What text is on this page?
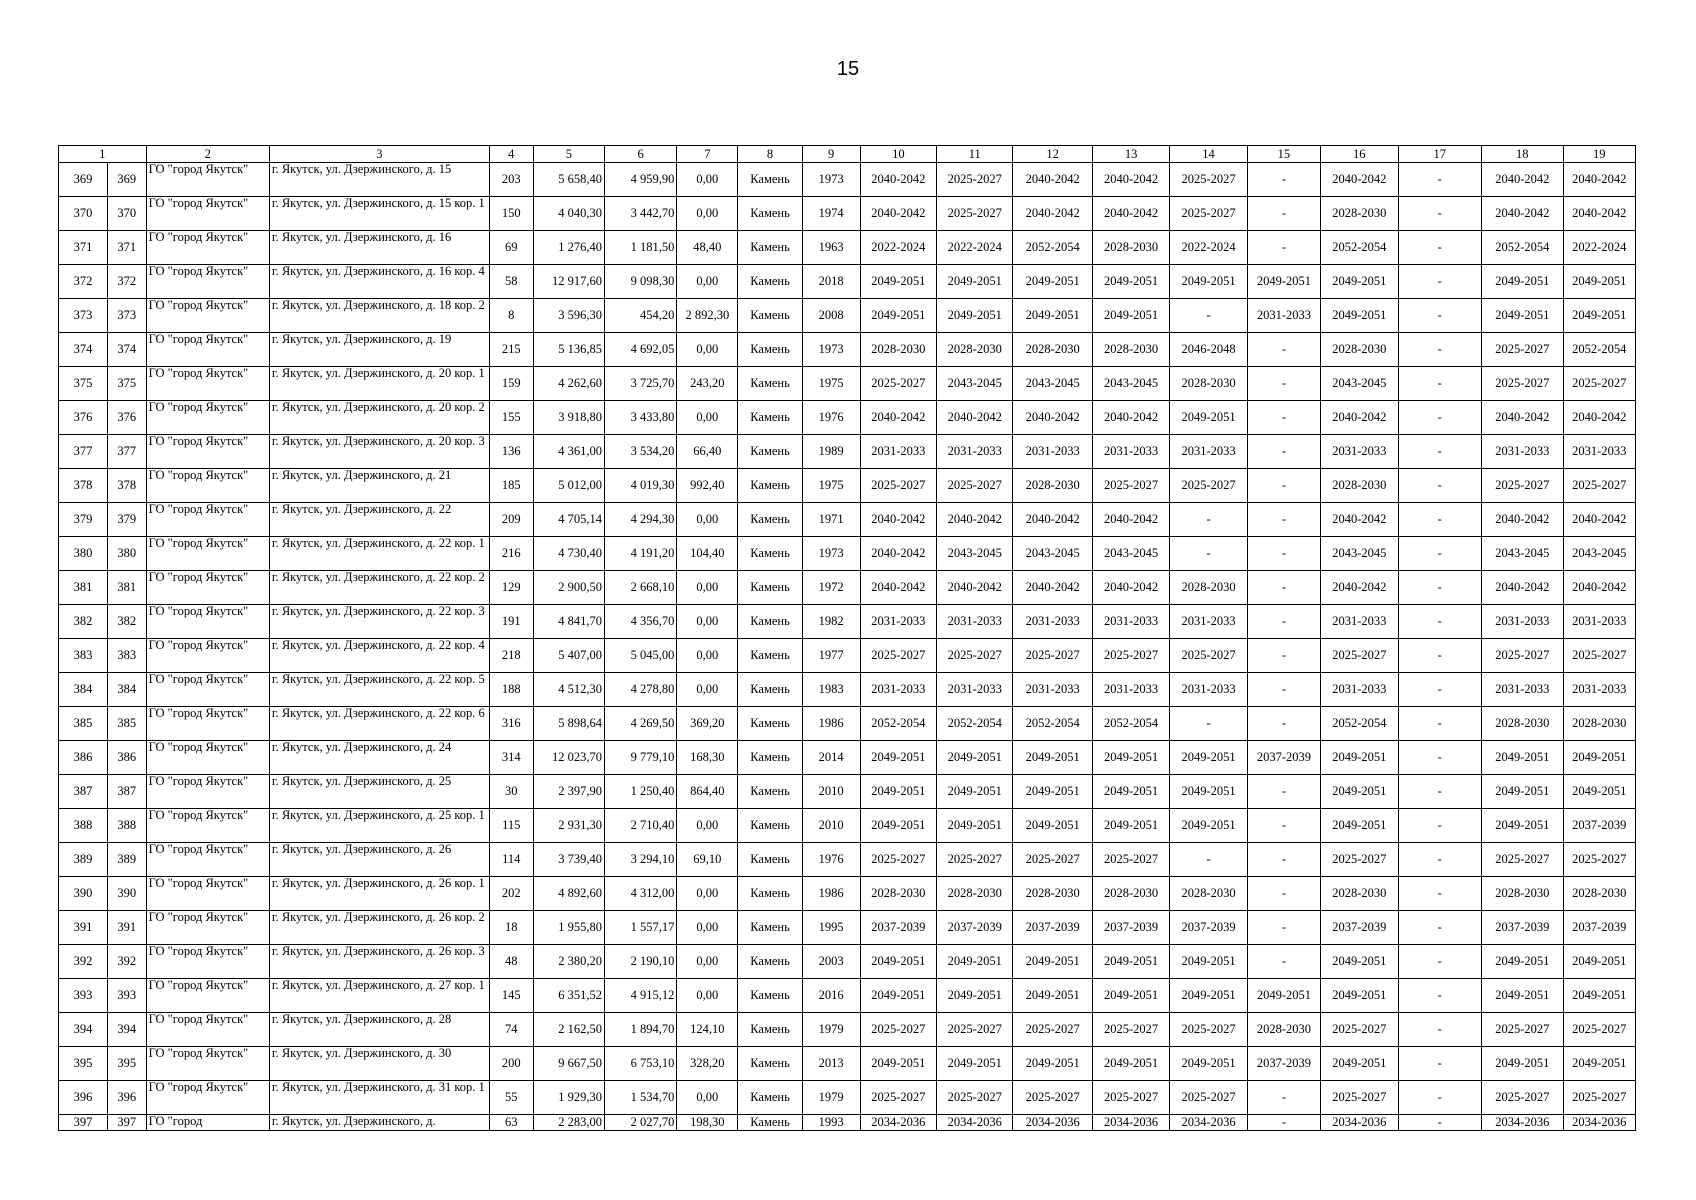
15
1		2	3	4	5	6	7	8	9	10	11	12	13	14	15	16	17	18	19
369	369	ГО "город Якутск"	г. Якутск, ул. Дзержинского, д. 15	203	5 658,40	4 959,90	0,00	Камень	1973	2040-2042	2025-2027	2040-2042	2040-2042	2025-2027	-	2040-2042	-	2040-2042	2040-2042
370	370	ГО "город Якутск"	г. Якутск, ул. Дзержинского, д. 15 кор. 1	150	4 040,30	3 442,70	0,00	Камень	1974	2040-2042	2025-2027	2040-2042	2040-2042	2025-2027	-	2028-2030	-	2040-2042	2040-2042
371	371	ГО "город Якутск"	г. Якутск, ул. Дзержинского, д. 16	69	1 276,40	1 181,50	48,40	Камень	1963	2022-2024	2022-2024	2052-2054	2028-2030	2022-2024	-	2052-2054	-	2052-2054	2022-2024
372	372	ГО "город Якутск"	г. Якутск, ул. Дзержинского, д. 16 кор. 4	58	12 917,60	9 098,30	0,00	Камень	2018	2049-2051	2049-2051	2049-2051	2049-2051	2049-2051	2049-2051	2049-2051	-	2049-2051	2049-2051
373	373	ГО "город Якутск"	г. Якутск, ул. Дзержинского, д. 18 кор. 2	8	3 596,30	454,20	2 892,30	Камень	2008	2049-2051	2049-2051	2049-2051	2049-2051	-	2031-2033	2049-2051	-	2049-2051	2049-2051
374	374	ГО "город Якутск"	г. Якутск, ул. Дзержинского, д. 19	215	5 136,85	4 692,05	0,00	Камень	1973	2028-2030	2028-2030	2028-2030	2028-2030	2046-2048	-	2028-2030	-	2025-2027	2052-2054
375	375	ГО "город Якутск"	г. Якутск, ул. Дзержинского, д. 20 кор. 1	159	4 262,60	3 725,70	243,20	Камень	1975	2025-2027	2043-2045	2043-2045	2043-2045	2028-2030	-	2043-2045	-	2025-2027	2025-2027
376	376	ГО "город Якутск"	г. Якутск, ул. Дзержинского, д. 20 кор. 2	155	3 918,80	3 433,80	0,00	Камень	1976	2040-2042	2040-2042	2040-2042	2040-2042	2049-2051	-	2040-2042	-	2040-2042	2040-2042
377	377	ГО "город Якутск"	г. Якутск, ул. Дзержинского, д. 20 кор. 3	136	4 361,00	3 534,20	66,40	Камень	1989	2031-2033	2031-2033	2031-2033	2031-2033	2031-2033	-	2031-2033	-	2031-2033	2031-2033
378	378	ГО "город Якутск"	г. Якутск, ул. Дзержинского, д. 21	185	5 012,00	4 019,30	992,40	Камень	1975	2025-2027	2025-2027	2028-2030	2025-2027	2025-2027	-	2028-2030	-	2025-2027	2025-2027
379	379	ГО "город Якутск"	г. Якутск, ул. Дзержинского, д. 22	209	4 705,14	4 294,30	0,00	Камень	1971	2040-2042	2040-2042	2040-2042	2040-2042	-	-	2040-2042	-	2040-2042	2040-2042
380	380	ГО "город Якутск"	г. Якутск, ул. Дзержинского, д. 22 кор. 1	216	4 730,40	4 191,20	104,40	Камень	1973	2040-2042	2043-2045	2043-2045	2043-2045	-	-	2043-2045	-	2043-2045	2043-2045
381	381	ГО "город Якутск"	г. Якутск, ул. Дзержинского, д. 22 кор. 2	129	2 900,50	2 668,10	0,00	Камень	1972	2040-2042	2040-2042	2040-2042	2040-2042	2028-2030	-	2040-2042	-	2040-2042	2040-2042
382	382	ГО "город Якутск"	г. Якутск, ул. Дзержинского, д. 22 кор. 3	191	4 841,70	4 356,70	0,00	Камень	1982	2031-2033	2031-2033	2031-2033	2031-2033	2031-2033	-	2031-2033	-	2031-2033	2031-2033
383	383	ГО "город Якутск"	г. Якутск, ул. Дзержинского, д. 22 кор. 4	218	5 407,00	5 045,00	0,00	Камень	1977	2025-2027	2025-2027	2025-2027	2025-2027	2025-2027	-	2025-2027	-	2025-2027	2025-2027
384	384	ГО "город Якутск"	г. Якутск, ул. Дзержинского, д. 22 кор. 5	188	4 512,30	4 278,80	0,00	Камень	1983	2031-2033	2031-2033	2031-2033	2031-2033	2031-2033	-	2031-2033	-	2031-2033	2031-2033
385	385	ГО "город Якутск"	г. Якутск, ул. Дзержинского, д. 22 кор. 6	316	5 898,64	4 269,50	369,20	Камень	1986	2052-2054	2052-2054	2052-2054	2052-2054	-	-	2052-2054	-	2028-2030	2028-2030
386	386	ГО "город Якутск"	г. Якутск, ул. Дзержинского, д. 24	314	12 023,70	9 779,10	168,30	Камень	2014	2049-2051	2049-2051	2049-2051	2049-2051	2049-2051	2037-2039	2049-2051	-	2049-2051	2049-2051
387	387	ГО "город Якутск"	г. Якутск, ул. Дзержинского, д. 25	30	2 397,90	1 250,40	864,40	Камень	2010	2049-2051	2049-2051	2049-2051	2049-2051	2049-2051	-	2049-2051	-	2049-2051	2049-2051
388	388	ГО "город Якутск"	г. Якутск, ул. Дзержинского, д. 25 кор. 1	115	2 931,30	2 710,40	0,00	Камень	2010	2049-2051	2049-2051	2049-2051	2049-2051	2049-2051	-	2049-2051	-	2049-2051	2037-2039
389	389	ГО "город Якутск"	г. Якутск, ул. Дзержинского, д. 26	114	3 739,40	3 294,10	69,10	Камень	1976	2025-2027	2025-2027	2025-2027	2025-2027	-	-	2025-2027	-	2025-2027	2025-2027
390	390	ГО "город Якутск"	г. Якутск, ул. Дзержинского, д. 26 кор. 1	202	4 892,60	4 312,00	0,00	Камень	1986	2028-2030	2028-2030	2028-2030	2028-2030	2028-2030	-	2028-2030	-	2028-2030	2028-2030
391	391	ГО "город Якутск"	г. Якутск, ул. Дзержинского, д. 26 кор. 2	18	1 955,80	1 557,17	0,00	Камень	1995	2037-2039	2037-2039	2037-2039	2037-2039	2037-2039	-	2037-2039	-	2037-2039	2037-2039
392	392	ГО "город Якутск"	г. Якутск, ул. Дзержинского, д. 26 кор. 3	48	2 380,20	2 190,10	0,00	Камень	2003	2049-2051	2049-2051	2049-2051	2049-2051	2049-2051	-	2049-2051	-	2049-2051	2049-2051
393	393	ГО "город Якутск"	г. Якутск, ул. Дзержинского, д. 27 кор. 1	145	6 351,52	4 915,12	0,00	Камень	2016	2049-2051	2049-2051	2049-2051	2049-2051	2049-2051	2049-2051	2049-2051	-	2049-2051	2049-2051
394	394	ГО "город Якутск"	г. Якутск, ул. Дзержинского, д. 28	74	2 162,50	1 894,70	124,10	Камень	1979	2025-2027	2025-2027	2025-2027	2025-2027	2025-2027	2028-2030	2025-2027	-	2025-2027	2025-2027
395	395	ГО "город Якутск"	г. Якутск, ул. Дзержинского, д. 30	200	9 667,50	6 753,10	328,20	Камень	2013	2049-2051	2049-2051	2049-2051	2049-2051	2049-2051	2037-2039	2049-2051	-	2049-2051	2049-2051
396	396	ГО "город Якутск"	г. Якутск, ул. Дзержинского, д. 31 кор. 1	55	1 929,30	1 534,70	0,00	Камень	1979	2025-2027	2025-2027	2025-2027	2025-2027	2025-2027	-	2025-2027	-	2025-2027	2025-2027
397	397	ГО "город	г. Якутск, ул. Дзержинского, д.	63	2 283,00	2 027,70	198,30	Камень	1993	2034-2036	2034-2036	2034-2036	2034-2036	2034-2036	-	2034-2036	-	2034-2036	2034-2036
